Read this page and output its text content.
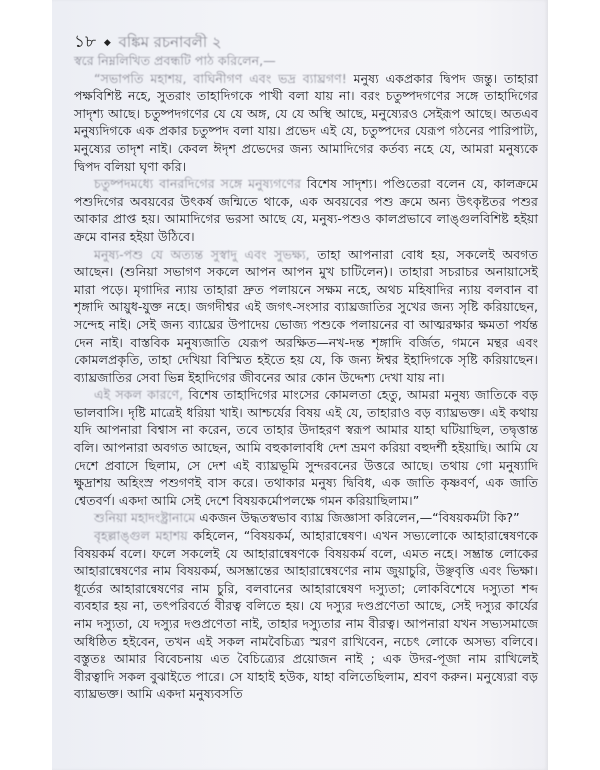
১৮ ◆ বঙ্কিম রচনাবলী ২

স্বরে নিম্নলিখিত প্রবন্ধটি পাঠ করিলেন,—

“সভাপতি মহাশয়, বাঘিনীগণ এবং ভদ্র ব্যাঘ্রগণ! মনুষ্য একপ্রকার দ্বিপদ জন্তু। তাহারা পক্ষবিশিষ্ট নহে, সুতরাং তাহাদিগকে পাখী বলা যায় না। বরং চতুষ্পদগণের সঙ্গে তাহাদিগের সাদৃশ্য আছে। চতুষ্পদগণের যে যে অঙ্গ, যে যে অস্থি আছে, মনুষ্যেরও সেইরূপ আছে। অতএব মনুষ্যদিগকে এক প্রকার চতুষ্পদ বলা যায়। প্রভেদ এই যে, চতুষ্পদের যেরূপ গঠনের পারিপাট্য, মনুষ্যের তাদৃশ নাই। কেবল ঈদৃশ প্রভেদের জন্য আমাদিগের কর্তব্য নহে যে, আমরা মনুষ্যকে দ্বিপদ বলিয়া ঘৃণা করি।

চতুষ্পদমধ্যে বানরদিগের সঙ্গে মনুষ্যগণের বিশেষ সাদৃশ্য। পণ্ডিতেরা বলেন যে, কালক্রমে পশুদিগের অবয়বের উৎকর্ষ জন্মিতে থাকে, এক অবয়বের পশু ক্রমে অন্য উৎকৃষ্টতর পশুর আকার প্রাপ্ত হয়। আমাদিগের ভরসা আছে যে, মনুষ্য-পশুও কালপ্রভাবে লাঙ্গুলবিশিষ্ট হইয়া ক্রমে বানর হইয়া উঠিবে।

মনুষ্য-পশু যে অত্যন্ত সুস্বাদু এবং সুভক্ষ্য, তাহা আপনারা বোধ হয়, সকলেই অবগত আছেন। (শুনিয়া সভাগণ সকলে আপন আপন মুখ চাটিলেন)। তাহারা সচরাচর অনায়াসেই মারা পড়ে। মৃগাদির ন্যায় তাহারা দ্রুত পলায়নে সক্ষম নহে, অথচ মহিষাদির ন্যায় বলবান বা শৃঙ্গাদি আয়ুধ-যুক্ত নহে। জগদীশ্বর এই জগৎ-সংসার ব্যাঘ্রজাতির সুখের জন্য সৃষ্টি করিয়াছেন, সন্দেহ নাই। সেই জন্য ব্যাঘ্রের উপাদেয় ভোজ্য পশুকে পলায়নের বা আত্মরক্ষার ক্ষমতা পর্যন্ত দেন নাই। বাস্তবিক মনুষ্যজাতি যেরূপ অরক্ষিত—নখ-দন্ত শৃঙ্গাদি বর্জিত, গমনে মন্থর এবং কোমলপ্রকৃতি, তাহা দেখিয়া বিস্মিত হইতে হয় যে, কি জন্য ঈশ্বর ইহাদিগকে সৃষ্টি করিয়াছেন। ব্যাঘ্রজাতির সেবা ভিন্ন ইহাদিগের জীবনের আর কোন উদ্দেশ্য দেখা যায় না।

এই সকল কারণে, বিশেষ তাহাদিগের মাংসের কোমলতা হেতু, আমরা মনুষ্য জাতিকে বড় ভালবাসি। দৃষ্টি মাত্রেই ধরিয়া খাই। আশ্চর্যের বিষয় এই যে, তাহারাও বড় ব্যাঘ্রভক্ত। এই কথায় যদি আপনারা বিশ্বাস না করেন, তবে তাহার উদাহরণ স্বরূপ আমার যাহা ঘটিয়াছিল, তদ্বৃত্তান্ত বলি। আপনারা অবগত আছেন, আমি বহুকালাবধি দেশ ভ্রমণ করিয়া বহুদর্শী হইয়াছি। আমি যে দেশে প্রবাসে ছিলাম, সে দেশ এই ব্যাঘ্রভূমি সুন্দরবনের উত্তরে আছে। তথায় গো মনুষ্যাদি ক্ষুদ্রাশয় অহিংস্র পশুগণই বাস করে। তথাকার মনুষ্য দ্বিবিধ, এক জাতি কৃষ্ণবর্ণ, এক জাতি শ্বেতবর্ণ। একদা আমি সেই দেশে বিষয়কর্মোপলক্ষে গমন করিয়াছিলাম।”

শুনিয়া মহাদংষ্ট্রানামে একজন উদ্ধতস্বভাব ব্যাঘ্র জিজ্ঞাসা করিলেন,—“বিষয়কর্মটা কি?”

বৃহল্লাঙ্গুল মহাশয় কহিলেন, “বিষয়কর্ম, আহারান্বেষণ। এখন সভ্যলোকে আহারান্বেষণকে বিষয়কর্ম বলে। ফলে সকলেই যে আহারান্বেষণকে বিষয়কর্ম বলে, এমত নহে। সম্ভ্রান্ত লোকের আহারান্বেষণের নাম বিষয়কর্ম, অসম্ভ্রান্তের আহারান্বেষণের নাম জুয়াচুরি, উঞ্ছবৃত্তি এবং ভিক্ষা। ধূর্তের আহারান্বেষণের নাম চুরি, বলবানের আহারান্বেষণ দস্যুতা; লোকবিশেষে দস্যুতা শব্দ ব্যবহার হয় না, তৎপরিবর্তে বীরত্ব বলিতে হয়। যে দস্যুর দণ্ডপ্রণেতা আছে, সেই দস্যুর কার্যের নাম দস্যুতা, যে দস্যুর দণ্ডপ্রণেতা নাই, তাহার দস্যুতার নাম বীরত্ব। আপনারা যখন সভ্যসমাজে অধিষ্ঠিত হইবেন, তখন এই সকল নামবৈচিত্র্য স্মরণ রাখিবেন, নচেৎ লোকে অসভ্য বলিবে। বস্তুতঃ আমার বিবেচনায় এত বৈচিত্র্যের প্রয়োজন নাই ; এক উদর-পূজা নাম রাখিলেই বীরত্বাদি সকল বুঝাইতে পারে। সে যাহাই হউক, যাহা বলিতেছিলাম, শ্রবণ করুন। মনুষ্যেরা বড় ব্যাঘ্রভক্ত। আমি একদা মনুষ্যবসতি
